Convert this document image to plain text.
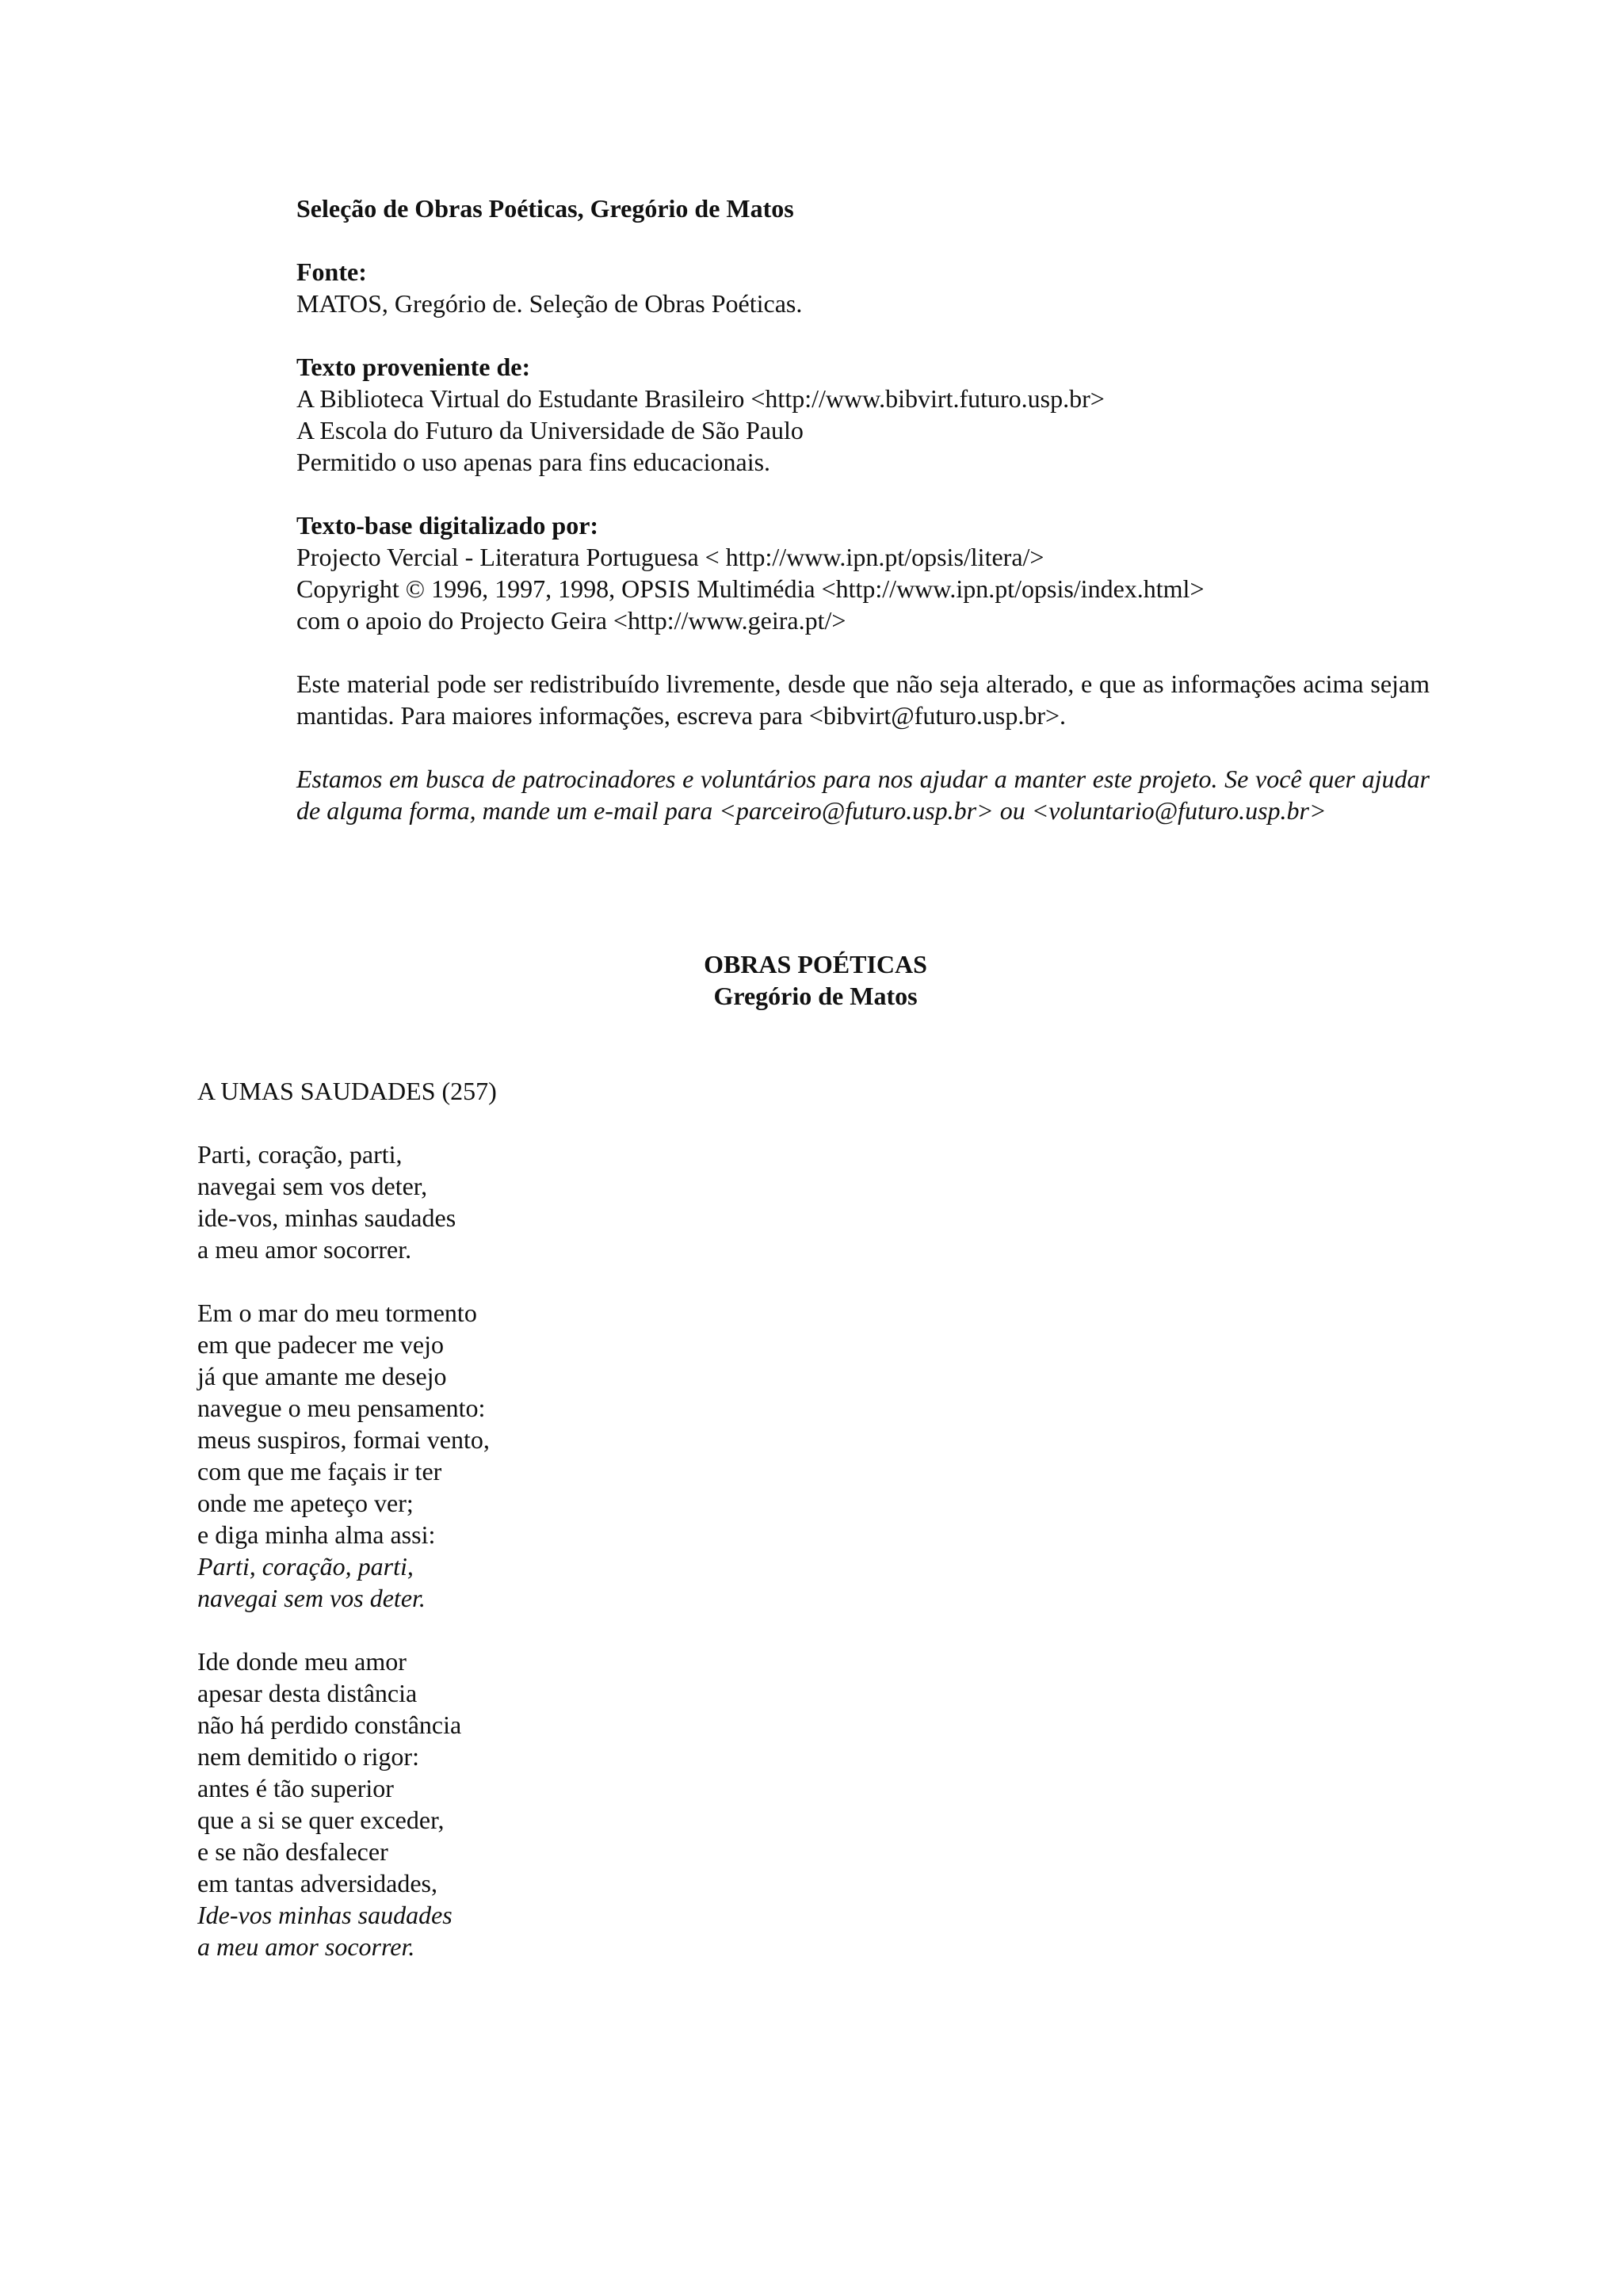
Seleção de Obras Poéticas, Gregório de Matos
Fonte:
MATOS, Gregório de. Seleção de Obras Poéticas.
Texto proveniente de:
A Biblioteca Virtual do Estudante Brasileiro <http://www.bibvirt.futuro.usp.br>
A Escola do Futuro da Universidade de São Paulo
Permitido o uso apenas para fins educacionais.
Texto-base digitalizado por:
Projecto Vercial - Literatura Portuguesa < http://www.ipn.pt/opsis/litera/>
Copyright © 1996, 1997, 1998, OPSIS Multimédia <http://www.ipn.pt/opsis/index.html>
com o apoio do Projecto Geira <http://www.geira.pt/>
Este material pode ser redistribuído livremente, desde que não seja alterado, e que as informações acima sejam mantidas. Para maiores informações, escreva para <bibvirt@futuro.usp.br>.
Estamos em busca de patrocinadores e voluntários para nos ajudar a manter este projeto. Se você quer ajudar de alguma forma, mande um e-mail para <parceiro@futuro.usp.br> ou <voluntario@futuro.usp.br>
OBRAS POÉTICAS
Gregório de Matos
A UMAS SAUDADES (257)
Parti, coração, parti,
navegai sem vos deter,
ide-vos, minhas saudades
a meu amor socorrer.
Em o mar do meu tormento
em que padecer me vejo
já que amante me desejo
navegue o meu pensamento:
meus suspiros, formai vento,
com que me façais ir ter
onde me apeteço ver;
e diga minha alma assi:
Parti, coração, parti,
navegai sem vos deter.
Ide donde meu amor
apesar desta distância
não há perdido constância
nem demitido o rigor:
antes é tão superior
que a si se quer exceder,
e se não desfalecer
em tantas adversidades,
Ide-vos minhas saudades
a meu amor socorrer.
